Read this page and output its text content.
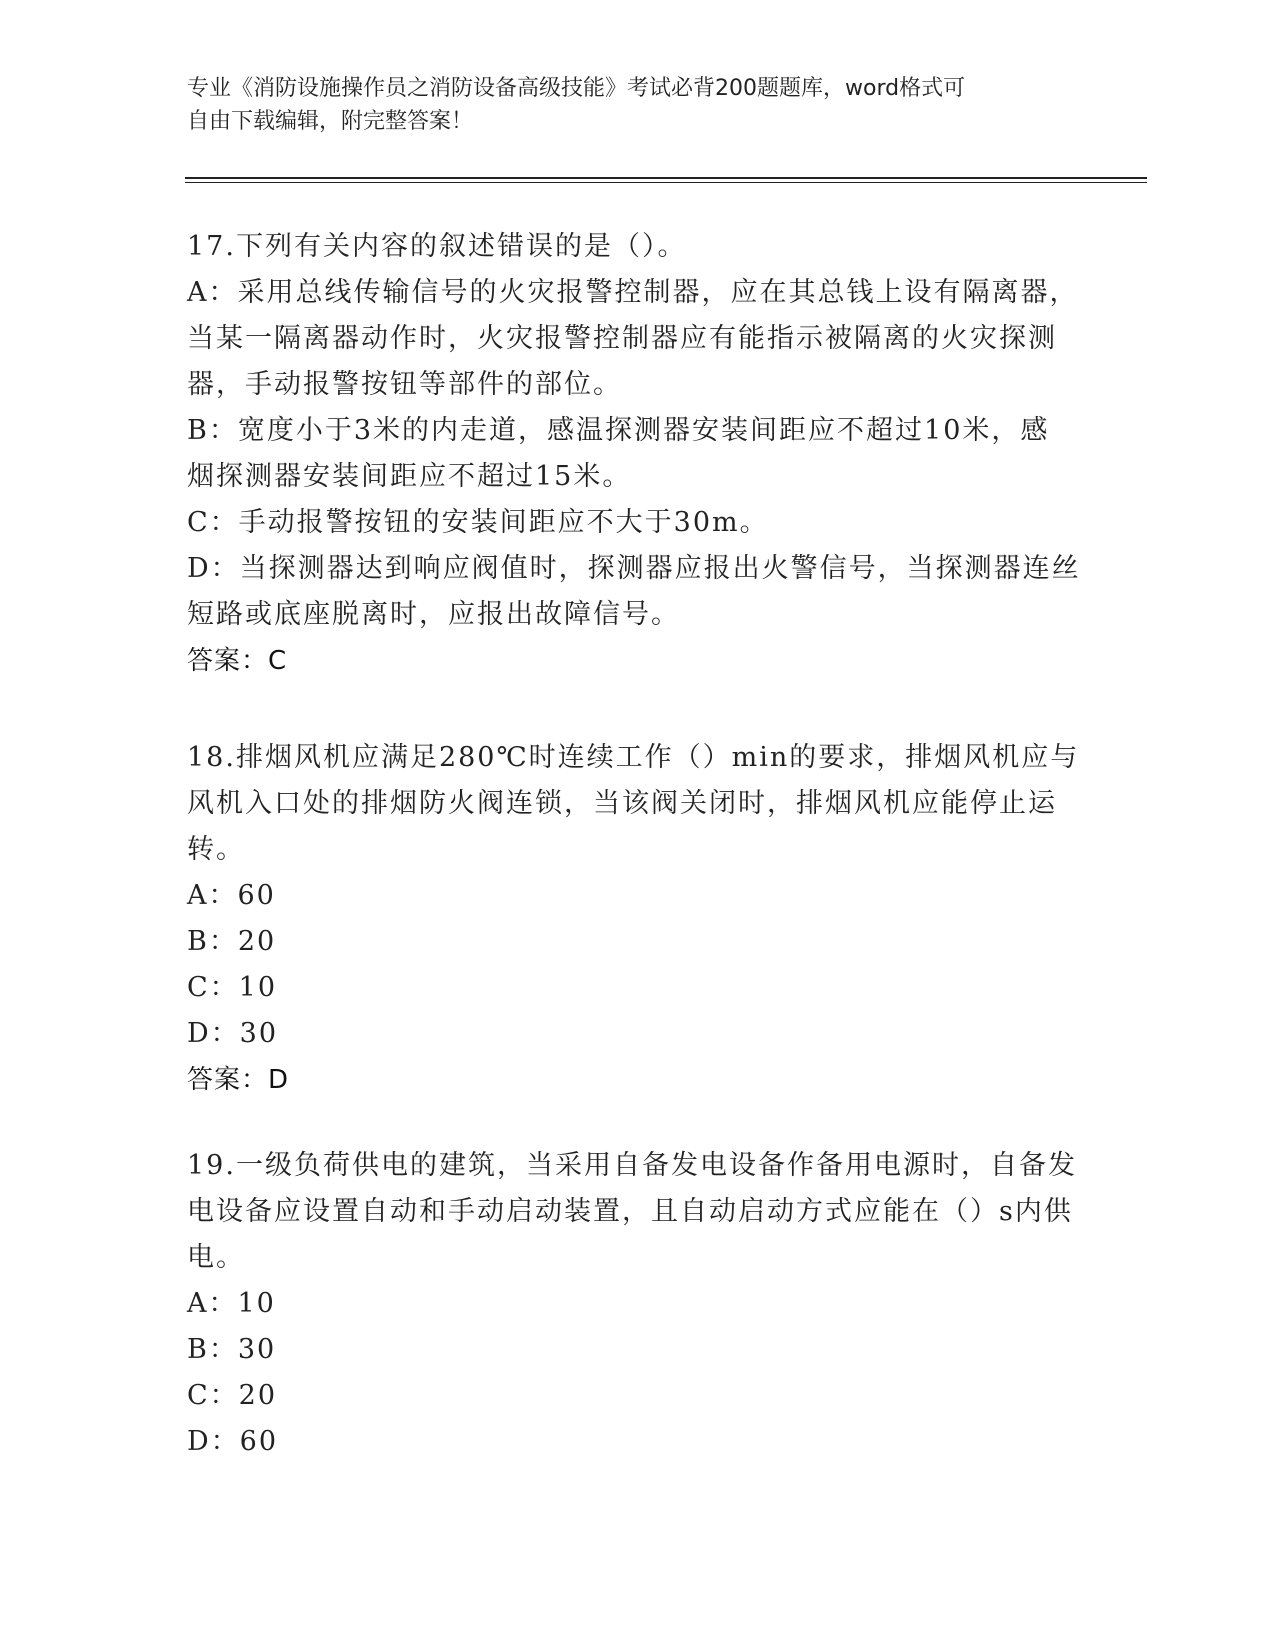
专业《消防设施操作员之消防设备高级技能》考试必背200题题库，word格式可
自由下载编辑，附完整答案！
17.下列有关内容的叙述错误的是（）。
A：采用总线传输信号的火灾报警控制器，应在其总钱上设有隔离器，
当某一隔离器动作时，火灾报警控制器应有能指示被隔离的火灾探测
器，手动报警按钮等部件的部位。
B：宽度小于3米的内走道，感温探测器安装间距应不超过10米，感
烟探测器安装间距应不超过15米。
C：手动报警按钮的安装间距应不大于30m。
D：当探测器达到响应阀值时，探测器应报出火警信号，当探测器连丝
短路或底座脱离时，应报出故障信号。
答案：C
18.排烟风机应满足280℃时连续工作（）min的要求，排烟风机应与
风机入口处的排烟防火阀连锁，当该阀关闭时，排烟风机应能停止运
转。
A：60
B：20
C：10
D：30
答案：D
19.一级负荷供电的建筑，当采用自备发电设备作备用电源时，自备发
电设备应设置自动和手动启动装置，且自动启动方式应能在（）s内供
电。
A：10
B：30
C：20
D：60
